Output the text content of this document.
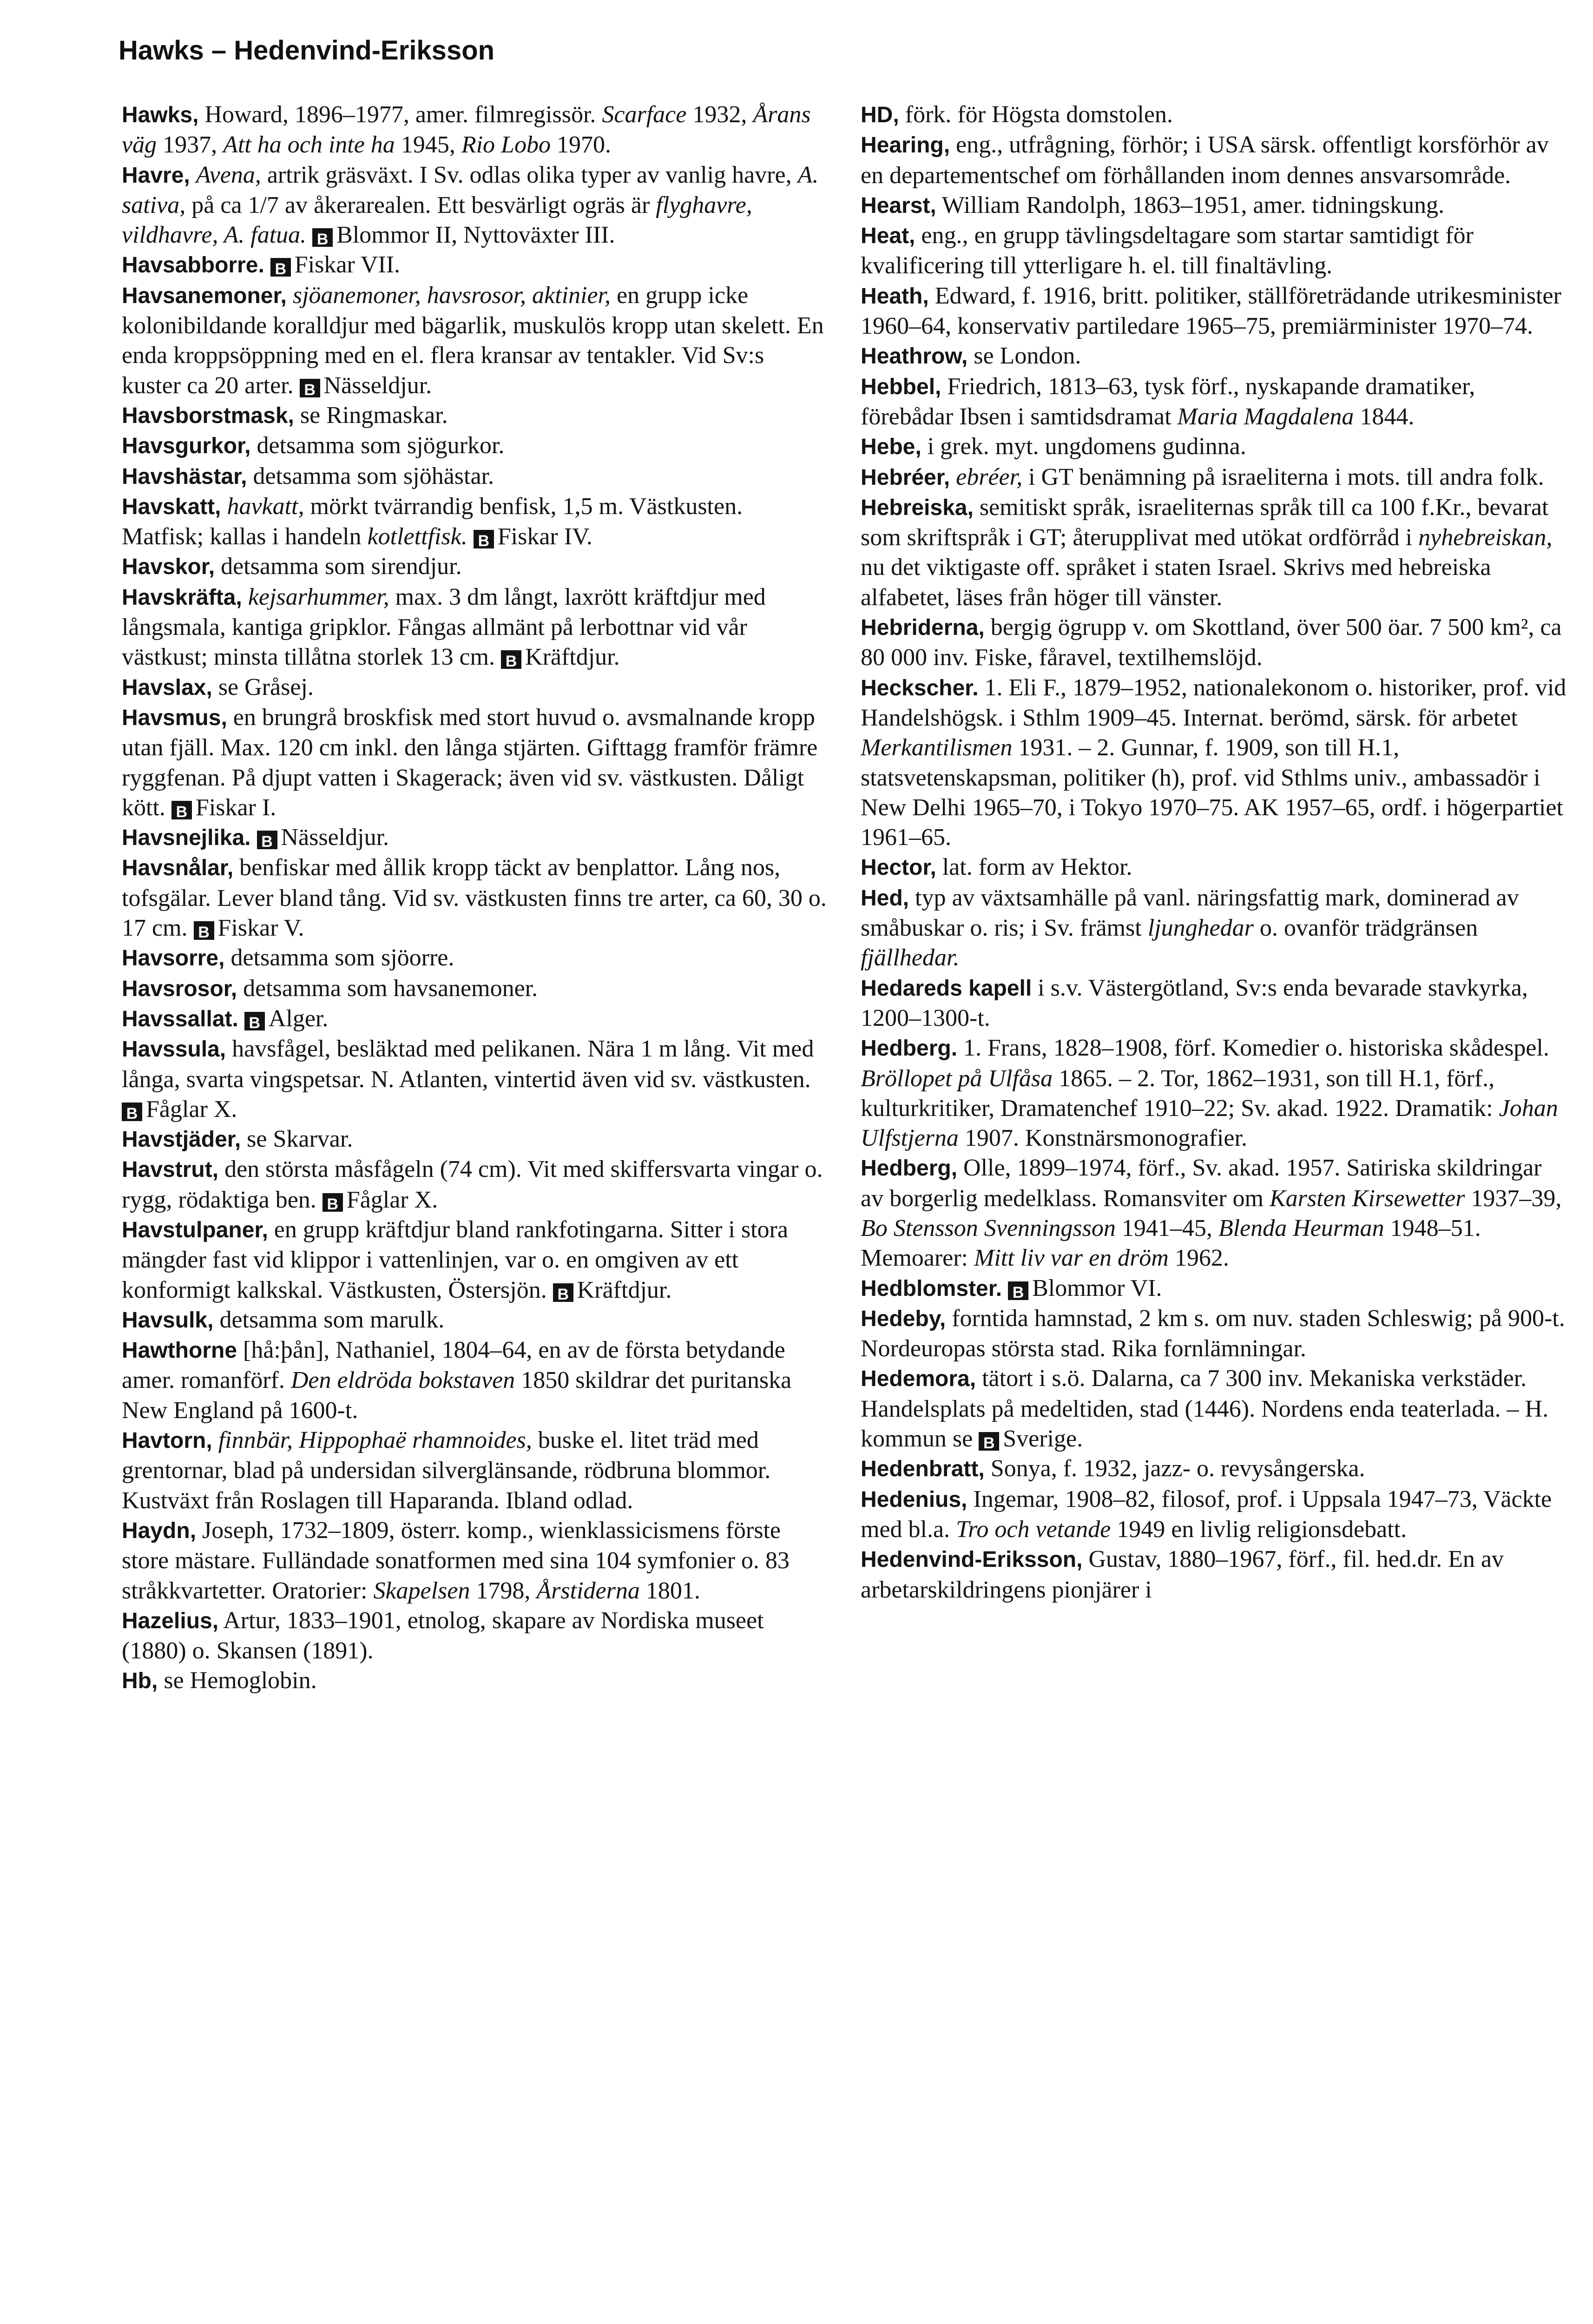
Hawks – Hedenvind-Eriksson

Hawks, Howard, 1896–1977, amer. filmregissör. Scarface 1932, Årans väg 1937, Att ha och inte ha 1945, Rio Lobo 1970.

Havre, Avena, artrik gräsväxt. I Sv. odlas olika typer av vanlig havre, A. sativa, på ca 1/7 av åkerarealen. Ett besvärligt ogräs är flyghavre, vildhavre, A. fatua. B Blommor II, Nyttoväxter III.

Havsabborre. B Fiskar VII.

Havsanemoner, sjöanemoner, havsrosor, aktinier, en grupp icke kolonibildande koralldjur med bägarlik, muskulös kropp utan skelett. En enda kroppsöppning med en el. flera kransar av tentakler. Vid Sv:s kuster ca 20 arter. B Nässeldjur.

Havsborstmask, se Ringmaskar.

Havsgurkor, detsamma som sjögurkor.

Havshästar, detsamma som sjöhästar.

Havskatt, havkatt, mörkt tvärrandig benfisk, 1,5 m. Västkusten. Matfisk; kallas i handeln kotlettfisk. B Fiskar IV.

Havskor, detsamma som sirendjur.

Havskräfta, kejsarhummer, max. 3 dm långt, laxrött kräftdjur med långsmala, kantiga gripklor. Fångas allmänt på lerbottnar vid vår västkust; minsta tillåtna storlek 13 cm. B Kräftdjur.

Havslax, se Gråsej.

Havsmus, en brungrå broskfisk med stort huvud o. avsmalnande kropp utan fjäll. Max. 120 cm inkl. den långa stjärten. Gifttagg framför främre ryggfenan. På djupt vatten i Skagerack; även vid sv. västkusten. Dåligt kött. B Fiskar I.

Havsnejlika. B Nässeldjur.

Havsnålar, benfiskar med ållik kropp täckt av benplattor. Lång nos, tofsgälar. Lever bland tång. Vid sv. västkusten finns tre arter, ca 60, 30 o. 17 cm. B Fiskar V.

Havsorre, detsamma som sjöorre.

Havsrosor, detsamma som havsanemoner.

Havssallat. B Alger.

Havssula, havsfågel, besläktad med pelikanen. Nära 1 m lång. Vit med långa, svarta vingspetsar. N. Atlanten, vintertid även vid sv. västkusten. B Fåglar X.

Havstjäder, se Skarvar.

Havstrut, den största måsfågeln (74 cm). Vit med skiffersvarta vingar o. rygg, rödaktiga ben. B Fåglar X.

Havstulpaner, en grupp kräftdjur bland rankfotingarna. Sitter i stora mängder fast vid klippor i vattenlinjen, var o. en omgiven av ett konformigt kalkskal. Västkusten, Östersjön. B Kräftdjur.

Havsulk, detsamma som marulk.

Hawthorne [hå:þån], Nathaniel, 1804–64, en av de första betydande amer. romanförf. Den eldröda bokstaven 1850 skildrar det puritanska New England på 1600-t.

Havtorn, finnbär, Hippophaë rhamnoides, buske el. litet träd med grentornar, blad på undersidan silverglänsande, rödbruna blommor. Kustväxt från Roslagen till Haparanda. Ibland odlad.

Haydn, Joseph, 1732–1809, österr. komp., wienklassicismens förste store mästare. Fulländade sonatformen med sina 104 symfonier o. 83 stråkkvartetter. Oratorier: Skapelsen 1798, Årstiderna 1801.

Hazelius, Artur, 1833–1901, etnolog, skapare av Nordiska museet (1880) o. Skansen (1891).

Hb, se Hemoglobin.

HD, förk. för Högsta domstolen.

Hearing, eng., utfrågning, förhör; i USA särsk. offentligt korsförhör av en departementschef om förhållanden inom dennes ansvarsområde.

Hearst, William Randolph, 1863–1951, amer. tidningskung.

Heat, eng., en grupp tävlingsdeltagare som startar samtidigt för kvalificering till ytterligare h. el. till finaltävling.

Heath, Edward, f. 1916, britt. politiker, ställföreträdande utrikesminister 1960–64, konservativ partiledare 1965–75, premiärminister 1970–74.

Heathrow, se London.

Hebbel, Friedrich, 1813–63, tysk förf., nyskapande dramatiker, förebådar Ibsen i samtidsdramat Maria Magdalena 1844.

Hebe, i grek. myt. ungdomens gudinna.

Hebréer, ebréer, i GT benämning på israeliterna i mots. till andra folk.

Hebreiska, semitiskt språk, israeliternas språk till ca 100 f.Kr., bevarat som skriftspråk i GT; återupplivat med utökat ordförråd i nyhebreiskan, nu det viktigaste off. språket i staten Israel. Skrivs med hebreiska alfabetet, läses från höger till vänster.

Hebriderna, bergig ögrupp v. om Skottland, över 500 öar. 7 500 km², ca 80 000 inv. Fiske, fåravel, textilhemslöjd.

Heckscher. 1. Eli F., 1879–1952, nationalekonom o. historiker, prof. vid Handelshögsk. i Sthlm 1909–45. Internat. berömd, särsk. för arbetet Merkantilismen 1931. – 2. Gunnar, f. 1909, son till H.1, statsvetenskapsman, politiker (h), prof. vid Sthlms univ., ambassadör i New Delhi 1965–70, i Tokyo 1970–75. AK 1957–65, ordf. i högerpartiet 1961–65.

Hector, lat. form av Hektor.

Hed, typ av växtsamhälle på vanl. näringsfattig mark, dominerad av småbuskar o. ris; i Sv. främst ljunghedar o. ovanför trädgränsen fjällhedar.

Hedareds kapell i s.v. Västergötland, Sv:s enda bevarade stavkyrka, 1200–1300-t.

Hedberg. 1. Frans, 1828–1908, förf. Komedier o. historiska skådespel. Bröllopet på Ulfåsa 1865. – 2. Tor, 1862–1931, son till H.1, förf., kulturkritiker, Dramatenchef 1910–22; Sv. akad. 1922. Dramatik: Johan Ulfstjerna 1907. Konstnärsmonografier.

Hedberg, Olle, 1899–1974, förf., Sv. akad. 1957. Satiriska skildringar av borgerlig medelklass. Romansviter om Karsten Kirsewetter 1937–39, Bo Stensson Svenningsson 1941–45, Blenda Heurman 1948–51. Memoarer: Mitt liv var en dröm 1962.

Hedblomster. B Blommor VI.

Hedeby, forntida hamnstad, 2 km s. om nuv. staden Schleswig; på 900-t. Nordeuropas största stad. Rika fornlämningar.

Hedemora, tätort i s.ö. Dalarna, ca 7 300 inv. Mekaniska verkstäder. Handelsplats på medeltiden, stad (1446). Nordens enda teaterlada. – H. kommun se B Sverige.

Hedenbratt, Sonya, f. 1932, jazz- o. revysångerska.

Hedenius, Ingemar, 1908–82, filosof, prof. i Uppsala 1947–73, Väckte med bl.a. Tro och vetande 1949 en livlig religionsdebatt.

Hedenvind-Eriksson, Gustav, 1880–1967, förf., fil. hed.dr. En av arbetarskildringens pionjärer i
